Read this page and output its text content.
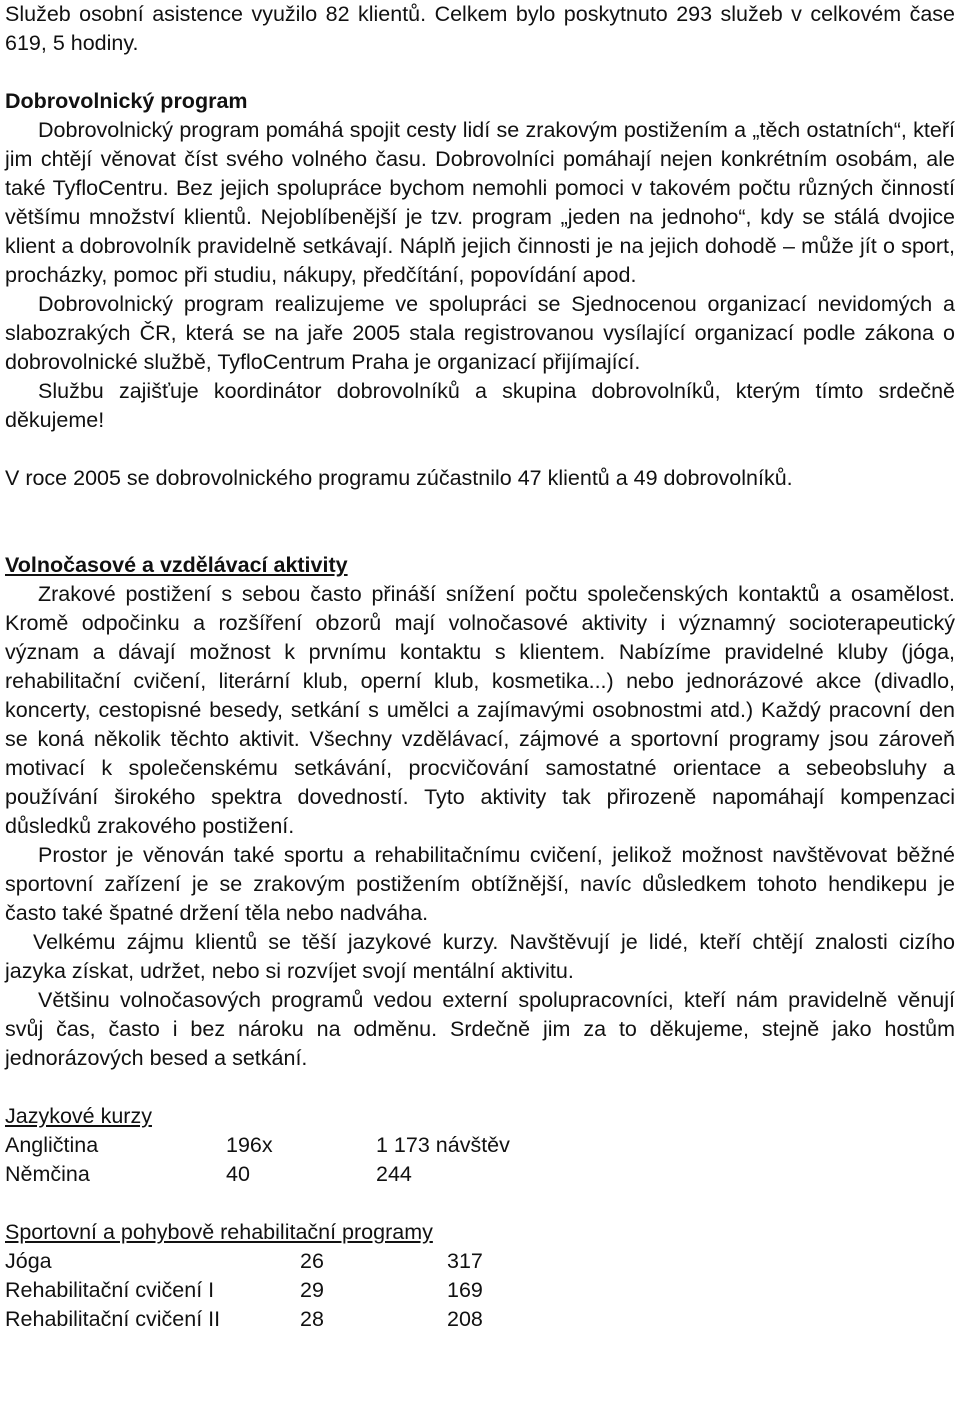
Služeb osobní asistence využilo 82 klientů. Celkem bylo poskytnuto 293 služeb v celkovém čase 619, 5 hodiny.

Dobrovolnický program

Dobrovolnický program pomáhá spojit cesty lidí se zrakovým postižením a „těch ostatních“, kteří jim chtějí věnovat číst svého volného času. Dobrovolníci pomáhají nejen konkrétním osobám, ale také TyfloCentru. Bez jejich spolupráce bychom nemohli pomoci v takovém počtu různých činností většímu množství klientů. Nejoblíbenější je tzv. program „jeden na jednoho“, kdy se stálá dvojice klient a dobrovolník pravidelně setkávají. Náplň jejich činnosti je na jejich dohodě – může jít o sport, procházky, pomoc při studiu, nákupy, předčítání, popovídání apod.

Dobrovolnický program realizujeme ve spolupráci se Sjednocenou organizací nevidomých a slabozrakých ČR, která se na jaře 2005 stala registrovanou vysílající organizací podle zákona o dobrovolnické službě, TyfloCentrum Praha je organizací přijímající.

Službu zajišťuje koordinátor dobrovolníků a skupina dobrovolníků, kterým tímto srdečně děkujeme!

V roce 2005 se dobrovolnického programu zúčastnilo 47 klientů a 49 dobrovolníků.

Volnočasové a vzdělávací aktivity

Zrakové postižení s sebou často přináší snížení počtu společenských kontaktů a osamělost. Kromě odpočinku a rozšíření obzorů mají volnočasové aktivity i významný socioterapeutický význam a dávají možnost k prvnímu kontaktu s klientem. Nabízíme pravidelné kluby (jóga, rehabilitační cvičení, literární klub, operní klub, kosmetika...) nebo jednorázové akce (divadlo, koncerty, cestopisné besedy, setkání s umělci a zajímavými osobnostmi atd.) Každý pracovní den se koná několik těchto aktivit. Všechny vzdělávací, zájmové a sportovní programy jsou zároveň motivací k společenskému setkávání, procvičování samostatné orientace a sebeobsluhy a používání širokého spektra dovedností. Tyto aktivity tak přirozeně napomáhají kompenzaci důsledků zrakového postižení.

Prostor je věnován také sportu a rehabilitačnímu cvičení, jelikož možnost navštěvovat běžné sportovní zařízení je se zrakovým postižením obtížnější, navíc důsledkem tohoto hendikepu je často také špatné držení těla nebo nadváha.

Velkému zájmu klientů se těší jazykové kurzy. Navštěvují je lidé, kteří chtějí znalosti cizího jazyka získat, udržet, nebo si rozvíjet svojí mentální aktivitu.

Většinu volnočasových programů vedou externí spolupracovníci, kteří nám pravidelně věnují svůj čas, často i bez nároku na odměnu. Srdečně jim za to děkujeme, stejně jako hostům jednorázových besed a setkání.

Jazykové kurzy

Angličtina	196x	1 173 návštěv
Němčina	40	244

Sportovní a pohybově rehabilitační programy

Jóga	26	317
Rehabilitační cvičení I	29	169
Rehabilitační cvičení II	28	208
